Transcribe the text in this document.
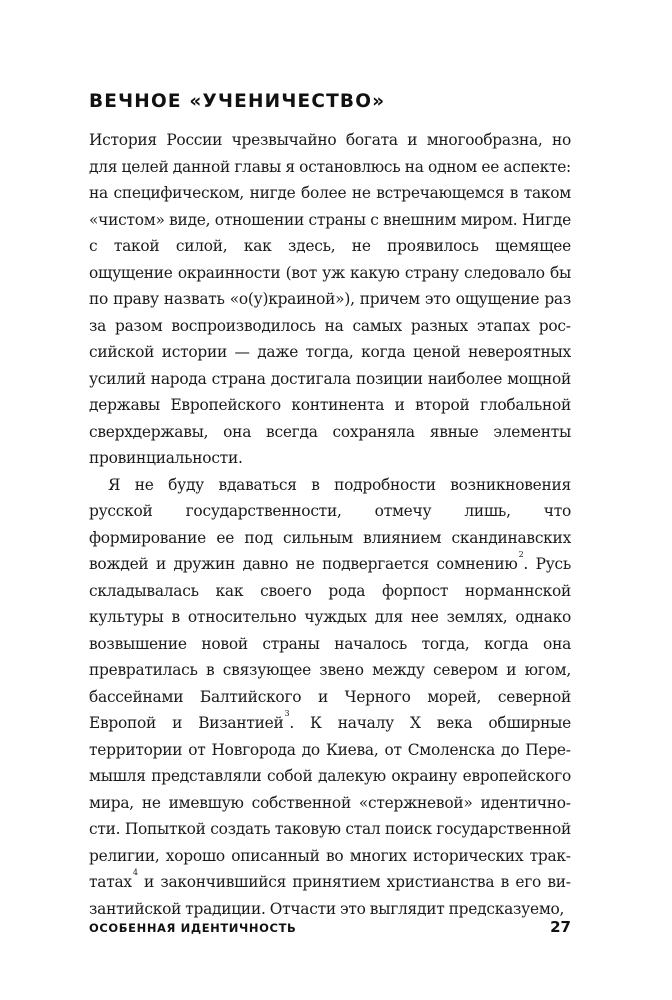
ВЕЧНОЕ «УЧЕНИЧЕСТВО»

История России чрезвычайно богата и многообразна, но для целей данной главы я остановлюсь на одном ее аспекте: на специфическом, нигде более не встречающемся в таком «чистом» виде, отношении страны с внешним миром. Нигде с такой силой, как здесь, не проявилось щемящее ощущение окраинности (вот уж какую страну следовало бы по праву назвать «о(у)краиной»), причем это ощущение раз за разом воспроизводилось на самых разных этапах российской истории — даже тогда, когда ценой невероятных усилий народа страна достигала позиции наиболее мощной державы Европейского континента и второй глобальной сверхдержавы, она всегда сохраняла явные элементы провинциальности.

Я не буду вдаваться в подробности возникновения русской государственности, отмечу лишь, что формирование ее под сильным влиянием скандинавских вождей и дружин давно не подвергается сомнению$^2$. Русь складывалась как своего рода форпост норманнской культуры в относительно чуждых для нее землях, однако возвышение новой страны началось тогда, когда она превратилась в связующее звено между севером и югом, бассейнами Балтийского и Черного морей, северной Европой и Византией$^3$. К началу X века обширные территории от Новгорода до Киева, от Смоленска до Перемышля представляли собой далекую окраину европейского мира, не имевшую собственной «стержневой» идентичности. Попыткой создать таковую стал поиск государственной религии, хорошо описанный во многих исторических трактатах$^4$ и закончившийся принятием христианства в его византийской традиции. Отчасти это выглядит предсказуемо,

ОСОБЕННАЯ ИДЕНТИЧНОСТЬ	27
